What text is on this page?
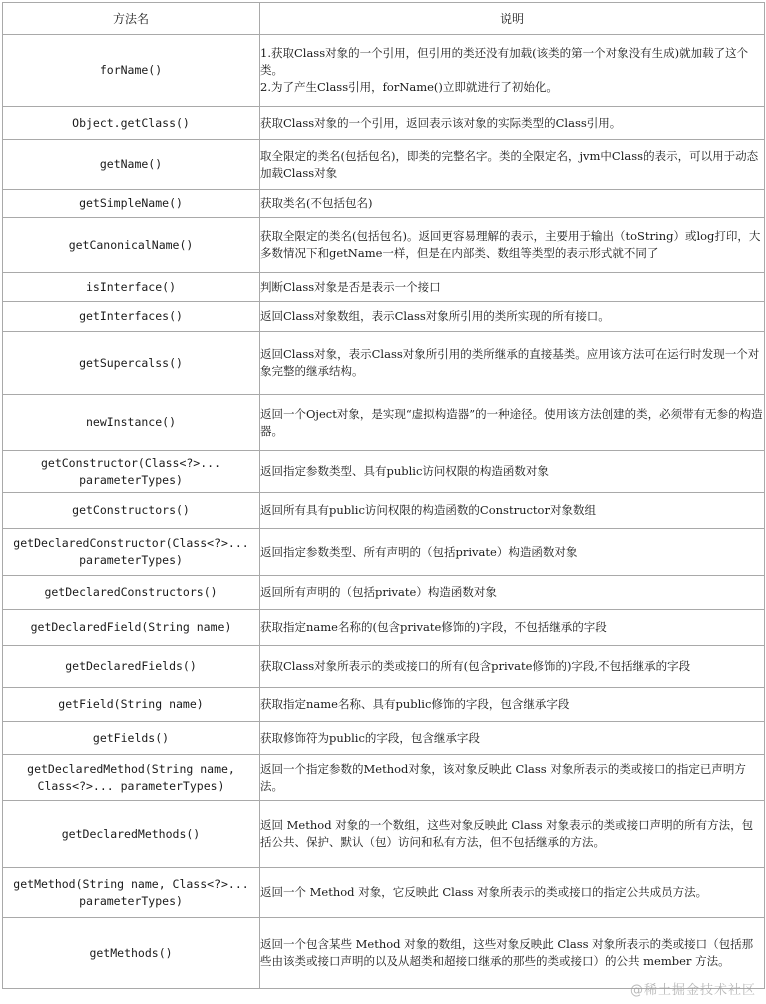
方法名	说明
forName()	1.获取Class对象的一个引用，但引用的类还没有加载(该类的第一个对象没有生成)就加载了这个类。
2.为了产生Class引用，forName()立即就进行了初始化。

Object.getClass()	获取Class对象的一个引用，返回表示该对象的实际类型的Class引用。

getName()	取全限定的类名(包括包名)，即类的完整名字。类的全限定名，jvm中Class的表示，可以用于动态加载Class对象

getSimpleName()	获取类名(不包括包名)

getCanonicalName()	获取全限定的类名(包括包名)。返回更容易理解的表示，主要用于输出（toString）或log打印，大多数情况下和getName一样，但是在内部类、数组等类型的表示形式就不同了

isInterface()	判断Class对象是否是表示一个接口

getInterfaces()	返回Class对象数组，表示Class对象所引用的类所实现的所有接口。

getSupercalss()	返回Class对象，表示Class对象所引用的类所继承的直接基类。应用该方法可在运行时发现一个对象完整的继承结构。

newInstance()	返回一个Oject对象，是实现“虚拟构造器”的一种途径。使用该方法创建的类，必须带有无参的构造器。

getConstructor(Class<?>... parameterTypes)	返回指定参数类型、具有public访问权限的构造函数对象

getConstructors()	返回所有具有public访问权限的构造函数的Constructor对象数组

getDeclaredConstructor(Class<?>... parameterTypes)	返回指定参数类型、所有声明的（包括private）构造函数对象

getDeclaredConstructors()	返回所有声明的（包括private）构造函数对象

getDeclaredField(String name)	获取指定name名称的(包含private修饰的)字段，不包括继承的字段

getDeclaredFields()	获取Class对象所表示的类或接口的所有(包含private修饰的)字段,不包括继承的字段

getField(String name)	获取指定name名称、具有public修饰的字段，包含继承字段

getFields()	获取修饰符为public的字段，包含继承字段

getDeclaredMethod(String name, Class<?>... parameterTypes)	返回一个指定参数的Method对象，该对象反映此 Class 对象所表示的类或接口的指定已声明方法。

getDeclaredMethods()	返回 Method 对象的一个数组，这些对象反映此 Class 对象表示的类或接口声明的所有方法，包括公共、保护、默认（包）访问和私有方法，但不包括继承的方法。

getMethod(String name, Class<?>... parameterTypes)	返回一个 Method 对象，它反映此 Class 对象所表示的类或接口的指定公共成员方法。

getMethods()	返回一个包含某些 Method 对象的数组，这些对象反映此 Class 对象所表示的类或接口（包括那些由该类或接口声明的以及从超类和超接口继承的那些的类或接口）的公共 member 方法。
@稀土掘金技术社区
